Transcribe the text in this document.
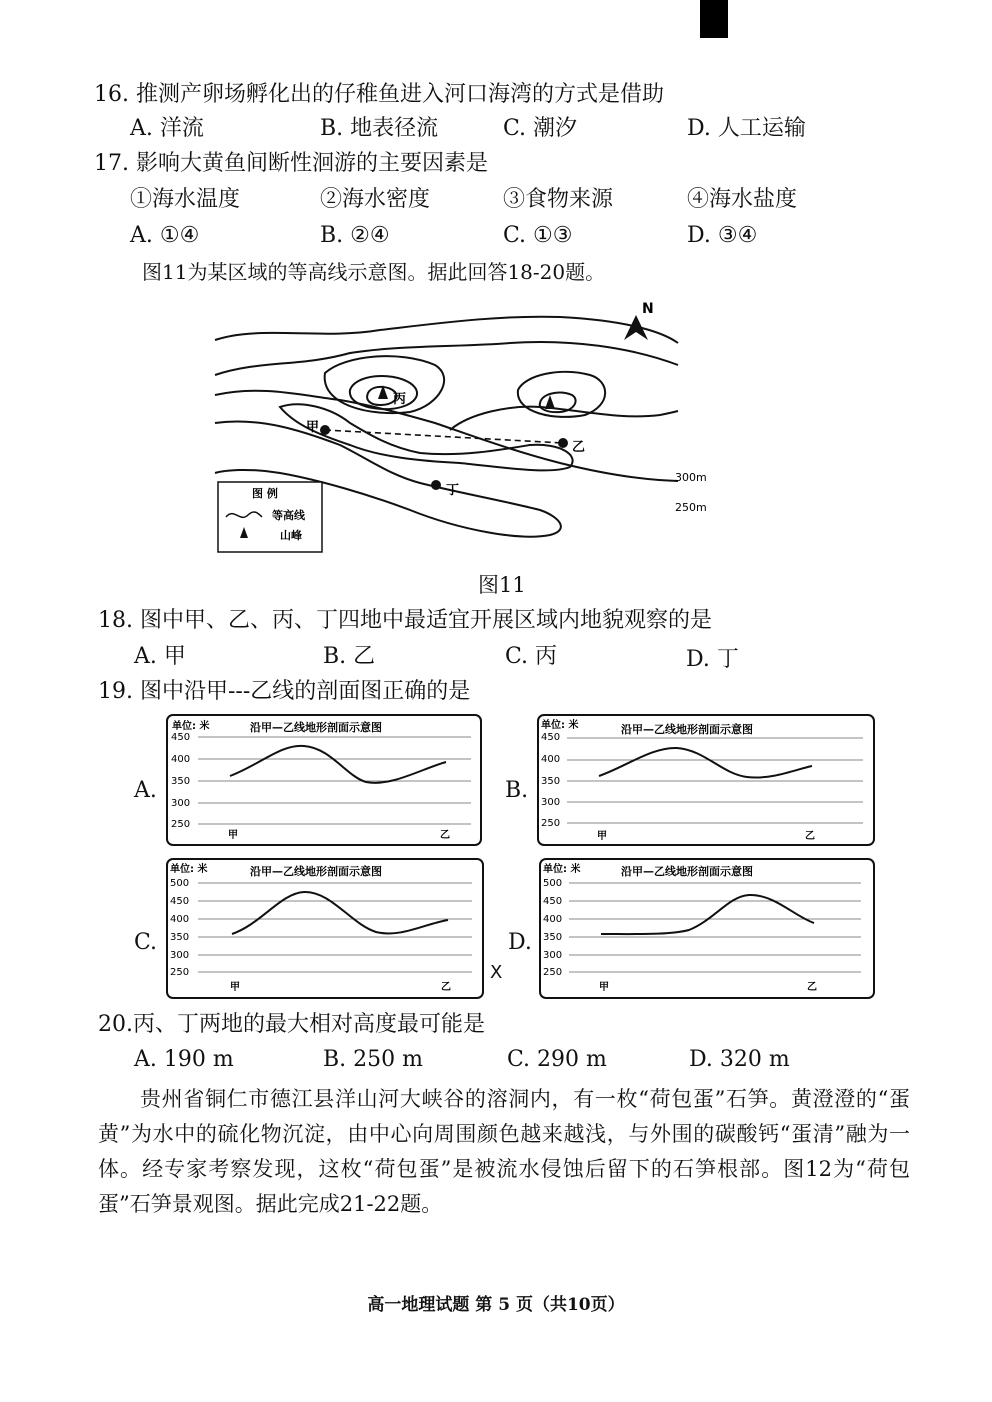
16. 推测产卵场孵化出的仔稚鱼进入河口海湾的方式是借助
A. 洋流	B. 地表径流	C. 潮汐	D. 人工运输
17. 影响大黄鱼间断性洄游的主要因素是
①海水温度	②海水密度	③食物来源	④海水盐度
A. ①④	B. ②④	C. ①③	D. ③④
图11为某区域的等高线示意图。据此回答18-20题。
甲
乙
丙
丁
300m
250m
N
图 例
等高线
山峰
图11
18. 图中甲、乙、丙、丁四地中最适宜开展区域内地貌观察的是
A. 甲	B. 乙	C. 丙	D. 丁
19. 图中沿甲---乙线的剖面图正确的是
A.
单位: 米	沿甲—乙线地形剖面示意图
450
400
350
300
250
甲	乙
B.
单位: 米	沿甲—乙线地形剖面示意图
450
400
350
300
250
甲	乙
C.
单位: 米	沿甲—乙线地形剖面示意图
500
450
400
350
300
250
甲	乙
X
D.
单位: 米	沿甲—乙线地形剖面示意图
500
450
400
350
300
250
甲	乙
20.丙、丁两地的最大相对高度最可能是
A. 190 m	B. 250 m	C. 290 m	D. 320 m
贵州省铜仁市德江县洋山河大峡谷的溶洞内，有一枚“荷包蛋”石笋。黄澄澄的“蛋黄”为水中的硫化物沉淀，由中心向周围颜色越来越浅，与外围的碳酸钙“蛋清”融为一体。经专家考察发现，这枚“荷包蛋”是被流水侵蚀后留下的石笋根部。图12为“荷包蛋”石笋景观图。据此完成21-22题。
高一地理试题 第 5 页（共10页）
